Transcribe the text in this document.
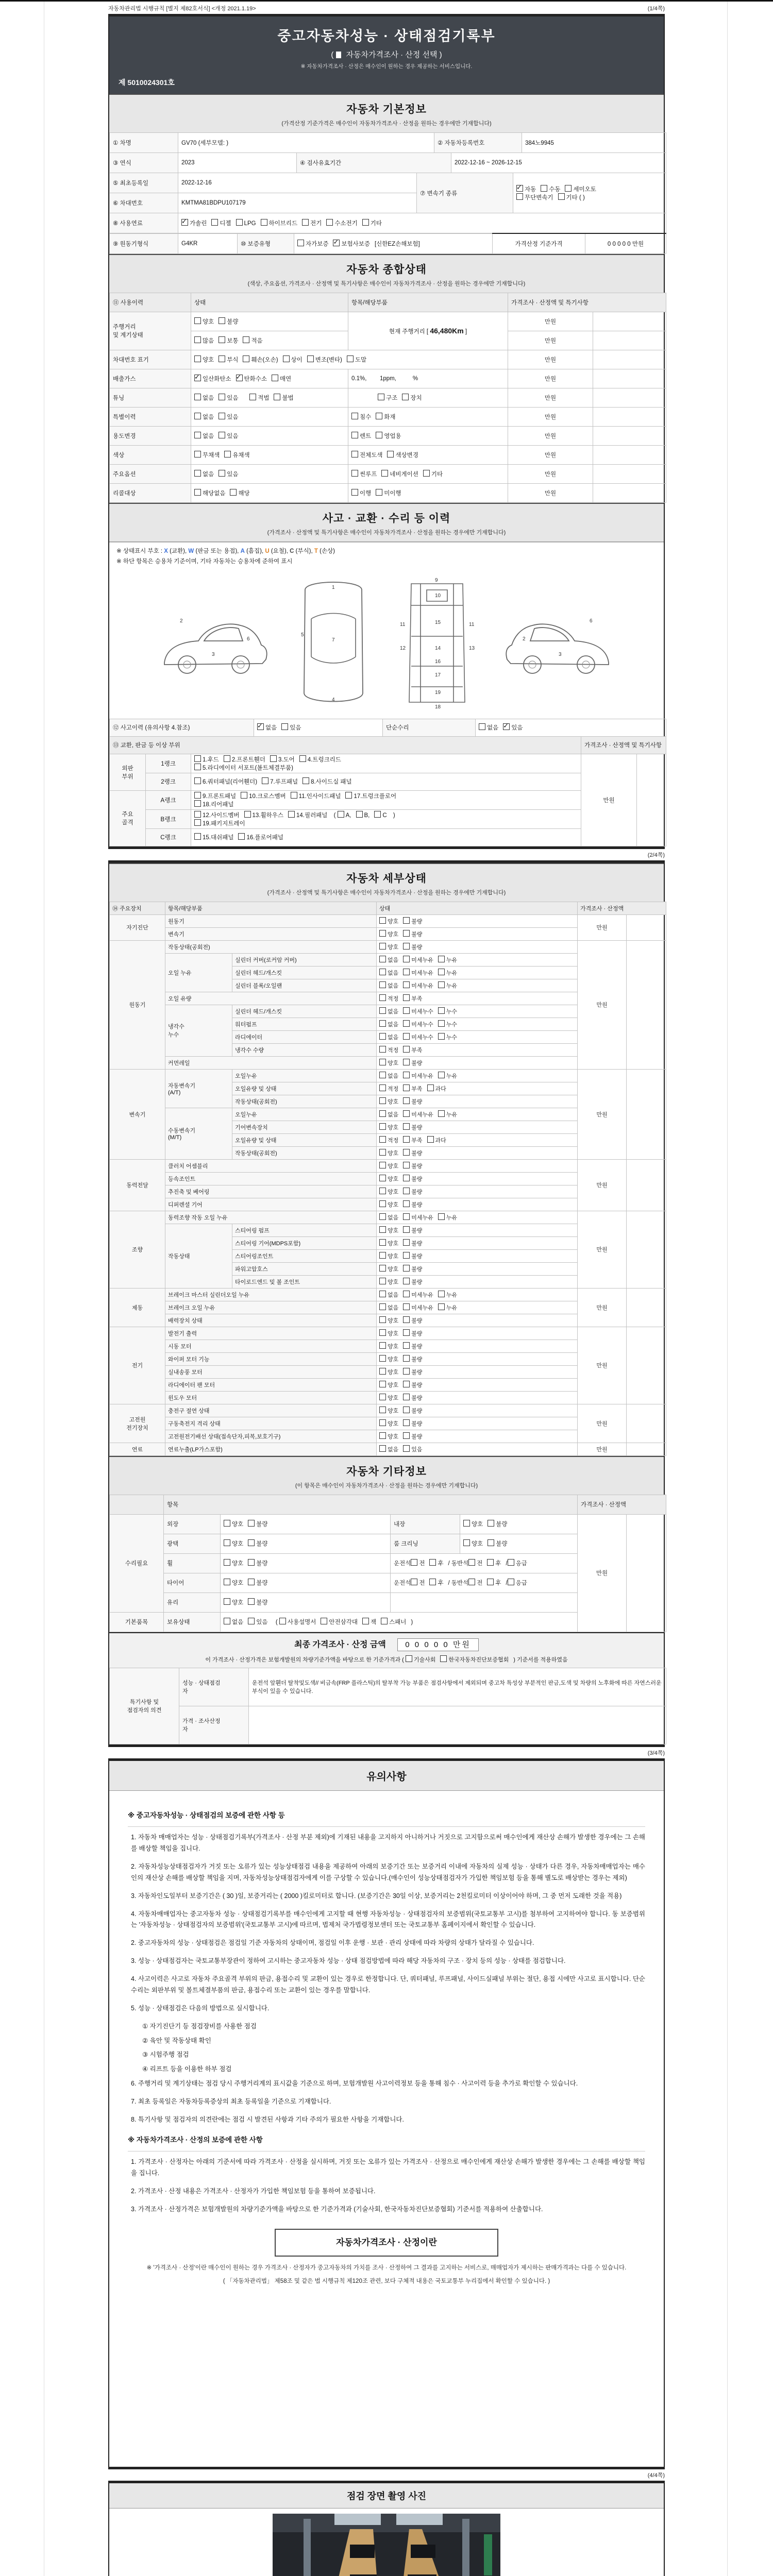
자동차관리법 시행규칙 [별지 제82호서식] <개정 2021.1.19>	(1/4쪽)
중고자동차성능 · 상태점검기록부
( 자동차가격조사 · 산정 선택 )
※ 자동차가격조사 · 산정은 매수인이 원하는 경우 제공하는 서비스입니다.
제 5010024301호
자동차 기본정보
(가격산정 기준가격은 매수인이 자동차가격조사 · 산정을 원하는 경우에만 기재합니다)
① 차명	GV70 (세부모델: )	② 자동차등록번호	384노9945
③ 연식	2023	④ 검사유효기간	2022-12-16 ~ 2026-12-15
⑤ 최초등록일	2022-12-16	⑦ 변속기 종류	✓자동 수동 세미오토
무단변속기 기타 ( )
⑥ 차대번호	KMTMA81BDPU107179		
⑧ 사용연료	✓가솔린 디젤 LPG 하이브리드 전기 수소전기 기타
⑨ 원동기형식	G4KR	⑩ 보증유형	자가보증 ✓ 보험사보증 [신한EZ손해보험]	가격산정 기준가격	0 0 0 0 0 만원
자동차 종합상태
(색상, 주요옵션, 가격조사 · 산정액 및 특기사항은 매수인이 자동차가격조사 · 산정을 원하는 경우에만 기재합니다)
⑪ 사용이력	상태	항목/해당부품	가격조사 · 산정액 및 특기사항	
주행거리
및 계기상태	양호 불량	현재 주행거리 [ 46,480Km ]	만원	
	많음 보통 적음		만원	
차대번호 표기	양호 부식 훼손(오손) 상이 변조(변타) 도말		만원	
배출가스	✓일산화탄소 ✓ 탄화수소 매연	0.1%,        1ppm,          %	만원	
튜닝	없음 있음 적법 불법	구조 장치	만원	
특별이력	없음 있음	침수 화재	만원	
용도변경	없음 있음	렌트 영업용	만원	
색상	무채색 유채색	전체도색 색상변경	만원	
주요옵션	없음 있음	썬루프 네비게이션 기타	만원	
리콜대상	해당없음 해당	이행 미이행	만원	
사고 · 교환 · 수리 등 이력
(가격조사 · 산정액 및 특기사항은 매수인이 자동차가격조사 · 산정을 원하는 경우에만 기재합니다)
※ 상태표시 부호 : X (교환), W (판금 또는 용접), A (흠집), U (요철), C (부식), T (손상)
※ 하단 항목은 승용차 기준이며, 기타 자동차는 승용차에 준하여 표시
2
3
6
1
5
7
4
9
10
15
11	11
12	13
14
16
17
19
18
6
3
2
⑫ 사고이력 (유의사항 4.참조)	✓없음 있음	단순수리	없음 ✓ 있음
⑬ 교환, 판금 등 이상 부위			가격조사 · 산정액 및 특기사항	
외판
부위	1랭크	1.후드 2.프론트휀더 3.도어 4.트렁크리드
5.라디에이터 서포트(볼트체결부품)	만원	
	2랭크	6.쿼터패널(리어휀더) 7.루프패널 8.사이드실 패널		
주요
골격	A랭크	9.프론트패널 10.크로스멤버 11.인사이드패널 17.트렁크플로어
18.리어패널		
	B랭크	12.사이드멤버 13.휠하우스 14.필러패널 ( A, B, C )
19.패키지트레이		
	C랭크	15.대쉬패널 16.플로어패널		
(2/4쪽)
자동차 세부상태
(가격조사 · 산정액 및 특기사항은 매수인이 자동차가격조사 · 산정을 원하는 경우에만 기재합니다)
⑭ 주요장치	항목/해당부품		상태	가격조사 · 산정액	
자기진단	원동기		양호 불량	만원	
	변속기		양호 불량		
원동기	작동상태(공회전)		양호 불량	만원	
	오일 누유	실린더 커버(로커암 커버)	없음 미세누유 누유		
		실린더 헤드/개스킷	없음 미세누유 누유		
		실린더 블록/오일팬	없음 미세누유 누유		
	오일 유량		적정 부족		
	냉각수
누수	실린더 헤드/개스킷	없음 미세누수 누수		
		워터펌프	없음 미세누수 누수		
		라디에이터	없음 미세누수 누수		
		냉각수 수량	적정 부족		
	커먼레일		양호 불량		
변속기	자동변속기
(A/T)	오일누유	없음 미세누유 누유	만원	
		오일유량 및 상태	적정 부족 과다		
		작동상태(공회전)	양호 불량		
	수동변속기
(M/T)	오일누유	없음 미세누유 누유		
		기어변속장치	양호 불량		
		오일유량 및 상태	적정 부족 과다		
		작동상태(공회전)	양호 불량		
동력전달	클러치 어셈블리		양호 불량	만원	
	등속조인트		양호 불량		
	추진축 및 베어링		양호 불량		
	디퍼렌셜 기어		양호 불량		
조향	동력조향 작동 오일 누유		없음 미세누유 누유	만원	
	작동상태	스티어링 펌프	양호 불량		
		스티어링 기어(MDPS포함)	양호 불량		
		스티어링조인트	양호 불량		
		파워고압호스	양호 불량		
		타이로드엔드 및 볼 조인트	양호 불량		
제동	브레이크 마스터 실린더오일 누유		없음 미세누유 누유	만원	
	브레이크 오일 누유		없음 미세누유 누유		
	배력장치 상태		양호 불량		
전기	발전기 출력		양호 불량	만원	
	시동 모터		양호 불량		
	와이퍼 모터 기능		양호 불량		
	실내송풍 모터		양호 불량		
	라디에이터 팬 모터		양호 불량		
	윈도우 모터		양호 불량		
고전원
전기장치	충전구 절연 상태		양호 불량	만원	
	구동축전지 격리 상태		양호 불량		
	고전원전기배선 상태(접속단자,피복,보호기구)		양호 불량		
연료	연료누출(LP가스포함)		없음 있음	만원	
자동차 기타정보
(이 항목은 매수인이 자동차가격조사 · 산정을 원하는 경우에만 기재합니다)
	항목				가격조사 · 산정액	
수리필요	외장	양호 불량	내장	양호 불량	만원	
	광택	양호 불량	룸 크리닝	양호 불량		
	휠	양호 불량	운전석 전 후 / 동반석 전 후 / 응급			
	타이어	양호 불량	운전석 전 후 / 동반석 전 후 / 응급			
	유리	양호 불량				
기본품목	보유상태	없음 있음  ( 사용설명서 안전삼각대 잭 스패너 )				
최종 가격조사 · 산정 금액 0 0 0 0 0 만원
이 가격조사 · 산정가격은 보험개발원의 차량기준가액을 바탕으로 한 기준가격과 ( 기술사회 한국자동차진단보증협회 ) 기준서를 적용하였음
특기사항 및
점검자의 의견	성능 · 상태점검
자	운전석 앞휀더 탈착및도색// 비금속(FRP 플라스틱)의 탈부착 가능 부품은 점검사항에서 제외되며 중고차 특성상 부분적인 판금,도색 및 차량의 노후화에 따른 자연스러운 부식이 있을 수 있습니다.
	가격 · 조사산정
자	
(3/4쪽)
유의사항
※ 중고자동차성능 · 상태점검의 보증에 관한 사항 등
1. 자동차 매매업자는 성능 · 상태점검기록부(가격조사 · 산정 부분 제외)에 기재된 내용을 고지하지 아니하거나 거짓으로 고지함으로써 매수인에게 재산상 손해가 발생한 경우에는 그 손해를 배상할 책임을 집니다.
2. 자동차성능상태점검자가 거짓 또는 오류가 있는 성능상태점검 내용을 제공하여 아래의 보증기간 또는 보증거리 이내에 자동차의 실제 성능 · 상태가 다른 경우, 자동차매매업자는 매수인의 재산상 손해를 배상할 책임을 지며, 자동차성능상태점검자에게 이를 구상할 수 있습니다.(매수인이 성능상태점검자가 가입한 책임보험 등을 통해 별도로 배상받는 경우는 제외)
3. 자동차인도일부터 보증기간은 ( 30 )일, 보증거리는 ( 2000 )킬로미터로 합니다. (보증기간은 30일 이상, 보증거리는 2천킬로미터 이상이어야 하며, 그 중 먼저 도래한 것을 적용)
4. 자동차매매업자는 중고자동차 성능 · 상태점검기록부를 매수인에게 고지할 때 현행 자동차성능 · 상태점검자의 보증범위(국토교통부 고시)를 첨부하여 고지하여야 합니다. 동 보증범위는 '자동차성능 · 상태점검자의 보증범위'(국토교통부 고시)에 따르며, 법제처 국가법령정보센터 또는 국토교통부 홈페이지에서 확인할 수 있습니다.
2. 중고자동차의 성능 · 상태점검은 점검일 기준 자동차의 상태이며, 점검일 이후 운행 · 보관 · 관리 상태에 따라 차량의 상태가 달라질 수 있습니다.
3. 성능 · 상태점검자는 국토교통부장관이 정하여 고시하는 중고자동차 성능 · 상태 점검방법에 따라 해당 자동차의 구조 · 장치 등의 성능 · 상태를 점검합니다.
4. 사고이력은 사고로 자동차 주요골격 부위의 판금, 용접수리 및 교환이 있는 경우로 한정합니다. 단, 쿼터패널, 루프패널, 사이드실패널 부위는 절단, 용접 시에만 사고로 표시합니다. 단순수리는 외판부위 및 볼트체결부품의 판금, 용접수리 또는 교환이 있는 경우를 말합니다.
5. 성능 · 상태점검은 다음의 방법으로 실시합니다.
① 자기진단기 등 점검장비를 사용한 점검
② 육안 및 작동상태 확인
③ 시험주행 점검
④ 리프트 등을 이용한 하부 점검
6. 주행거리 및 계기상태는 점검 당시 주행거리계의 표시값을 기준으로 하며, 보험개발원 사고이력정보 등을 통해 침수 · 사고이력 등을 추가로 확인할 수 있습니다.
7. 최초 등록일은 자동차등록증상의 최초 등록일을 기준으로 기재합니다.
8. 특기사항 및 점검자의 의견란에는 점검 시 발견된 사항과 기타 주의가 필요한 사항을 기재합니다.
※ 자동차가격조사 · 산정의 보증에 관한 사항
1. 가격조사 · 산정자는 아래의 기준서에 따라 가격조사 · 산정을 실시하며, 거짓 또는 오류가 있는 가격조사 · 산정으로 매수인에게 재산상 손해가 발생한 경우에는 그 손해를 배상할 책임을 집니다.
2. 가격조사 · 산정 내용은 가격조사 · 산정자가 가입한 책임보험 등을 통하여 보증됩니다.
3. 가격조사 · 산정가격은 보험개발원의 차량기준가액을 바탕으로 한 기준가격과 (기술사회, 한국자동차진단보증협회) 기준서를 적용하여 산출합니다.
자동차가격조사 · 산정이란
※ '가격조사 · 산정'이란 매수인이 원하는 경우 가격조사 · 산정자가 중고자동차의 가치를 조사 · 산정하여 그 결과를 고지하는 서비스로, 매매업자가 제시하는 판매가격과는 다를 수 있습니다.
( 「자동차관리법」 제58조 및 같은 법 시행규칙 제120조 관련, 보다 구체적 내용은 국토교통부 누리집에서 확인할 수 있습니다. )
(4/4쪽)
점검 장면 촬영 사진
